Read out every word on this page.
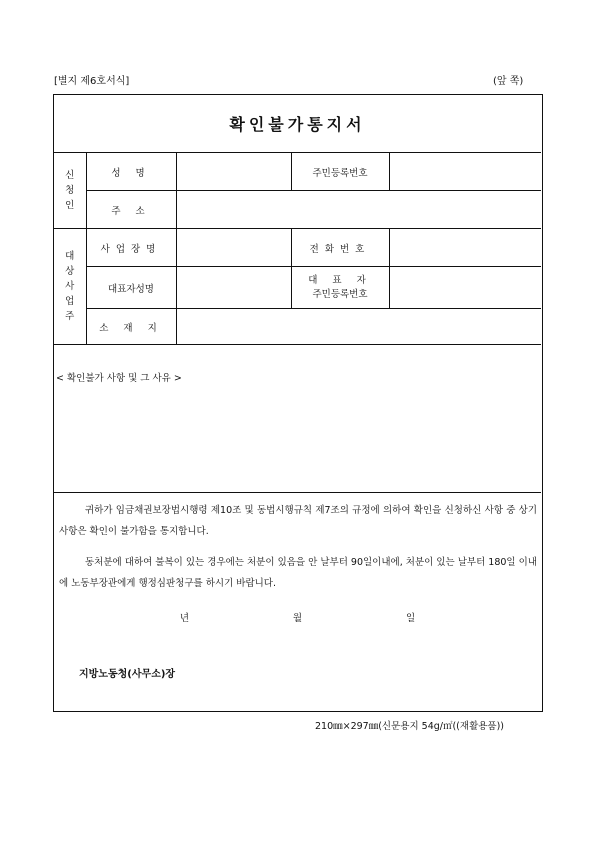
[별지 제6호서식]	(앞 쪽)
확인불가통지서
신
청
인	성 명		주민등록번호	
	주 소			

대
상
사
업
주	사업장명		전화번호	
	대표자성명		대 표 자
주민등록번호	

	소 재 지			
< 확인불가 사항 및 그 사유 >

귀하가 임금채권보장법시행령 제10조 및 동법시행규칙 제7조의 규정에 의하여 확인을 신청하신 사항 중 상기사항은 확인이 불가함을 통지합니다.

동처분에 대하여 불복이 있는 경우에는 처분이 있음을 안 날부터 90일이내에, 처분이 있는 날부터 180일 이내에 노동부장관에게 행정심판청구를 하시기 바랍니다.

년	월	일
지방노동청(사무소)장
210㎜×297㎜(신문용지 54g/㎡((재활용품))
